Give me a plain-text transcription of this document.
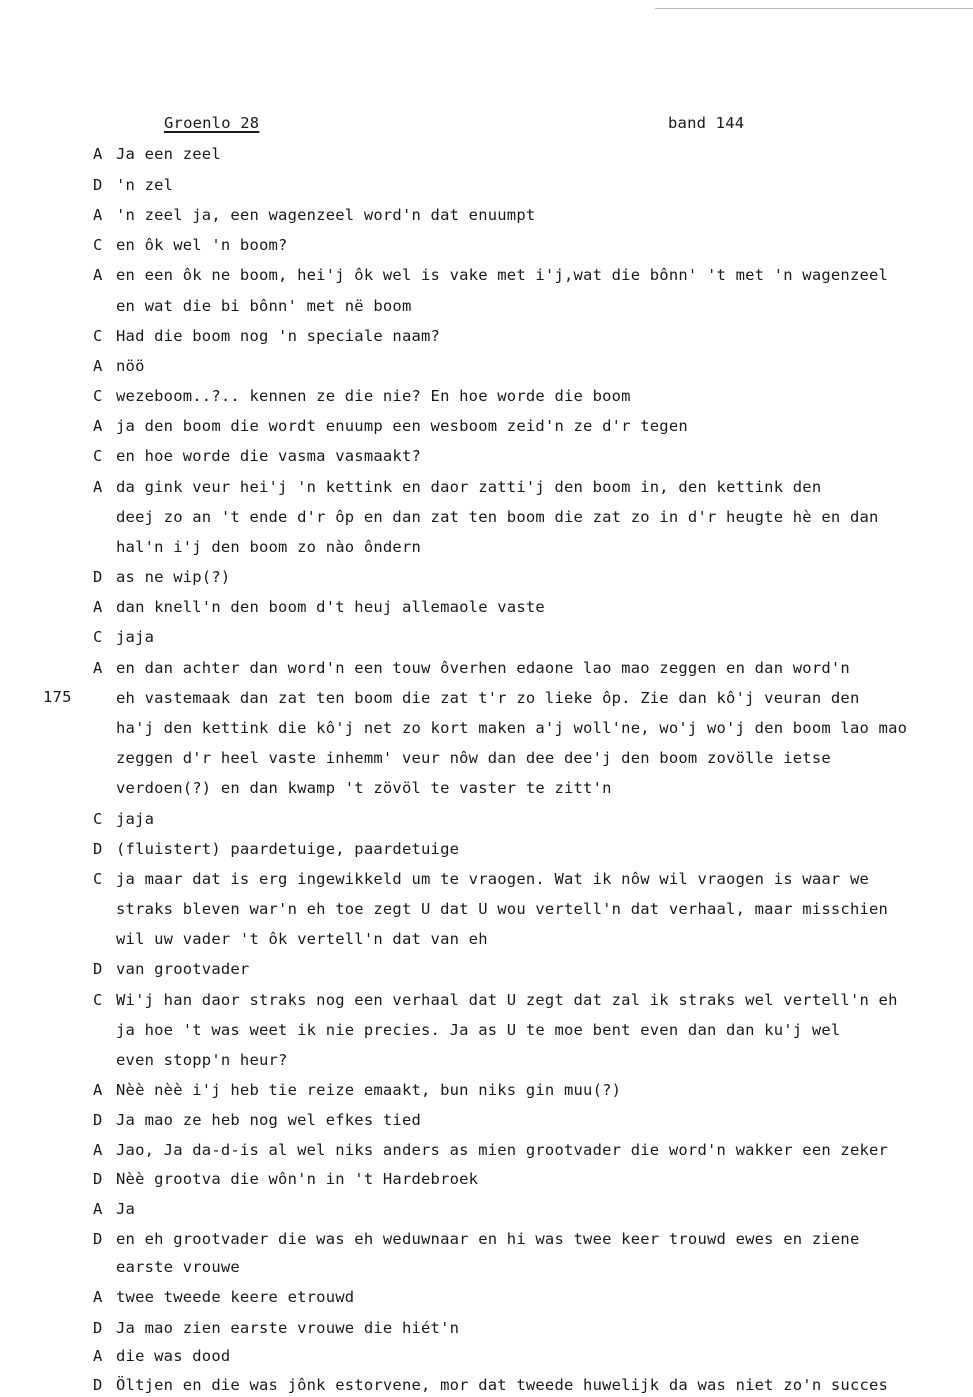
Groenlo 28	band 144
175
A Ja een zeel
D 'n zel
A 'n zeel ja, een wagenzeel word'n dat enuumpt
C en ôk wel 'n boom?
A en een ôk ne boom, hei'j ôk wel is vake met i'j,wat die bônn' 't met 'n wagenzeel
en wat die bi bônn' met në boom
C Had die boom nog 'n speciale naam?
A nöö
C wezeboom..?.. kennen ze die nie? En hoe worde die boom
A ja den boom die wordt enuump een wesboom zeid'n ze d'r tegen
C en hoe worde die vasma vasmaakt?
A da gink veur hei'j 'n kettink en daor zatti'j den boom in, den kettink den
deej zo an 't ende d'r ôp en dan zat ten boom die zat zo in d'r heugte hè en dan
hal'n i'j den boom zo nào ôndern
D as ne wip(?)
A dan knell'n den boom d't heuj allemaole vaste
C jaja
A en dan achter dan word'n een touw ôverhen edaone lao mao zeggen en dan word'n
eh vastemaak dan zat ten boom die zat t'r zo lieke ôp. Zie dan kô'j veuran den
ha'j den kettink die kô'j net zo kort maken a'j woll'ne, wo'j wo'j den boom lao mao
zeggen d'r heel vaste inhemm' veur nôw dan dee dee'j den boom zovölle ietse
verdoen(?) en dan kwamp 't zövöl te vaster te zitt'n
C jaja
D (fluistert) paardetuige, paardetuige
C ja maar dat is erg ingewikkeld um te vraogen. Wat ik nôw wil vraogen is waar we
straks bleven war'n eh toe zegt U dat U wou vertell'n dat verhaal, maar misschien
wil uw vader 't ôk vertell'n dat van eh
D van grootvader
C Wi'j han daor straks nog een verhaal dat U zegt dat zal ik straks wel vertell'n eh
ja hoe 't was weet ik nie precies. Ja as U te moe bent even dan dan ku'j wel
even stopp'n heur?
A Nèè nèè i'j heb tie reize emaakt, bun niks gin muu(?)
D Ja mao ze heb nog wel efkes tied
A Jao, Ja da-d-is al wel niks anders as mien grootvader die word'n wakker een zeker
D Nèè grootva die wôn'n in 't Hardebroek
A Ja
D en eh grootvader die was eh weduwnaar en hi was twee keer trouwd ewes en ziene
earste vrouwe
A twee tweede keere etrouwd
D Ja mao zien earste vrouwe die hiét'n
A die was dood
D Öltjen en die was jônk estorvene, mor dat tweede huwelijk da was niet zo'n succes
